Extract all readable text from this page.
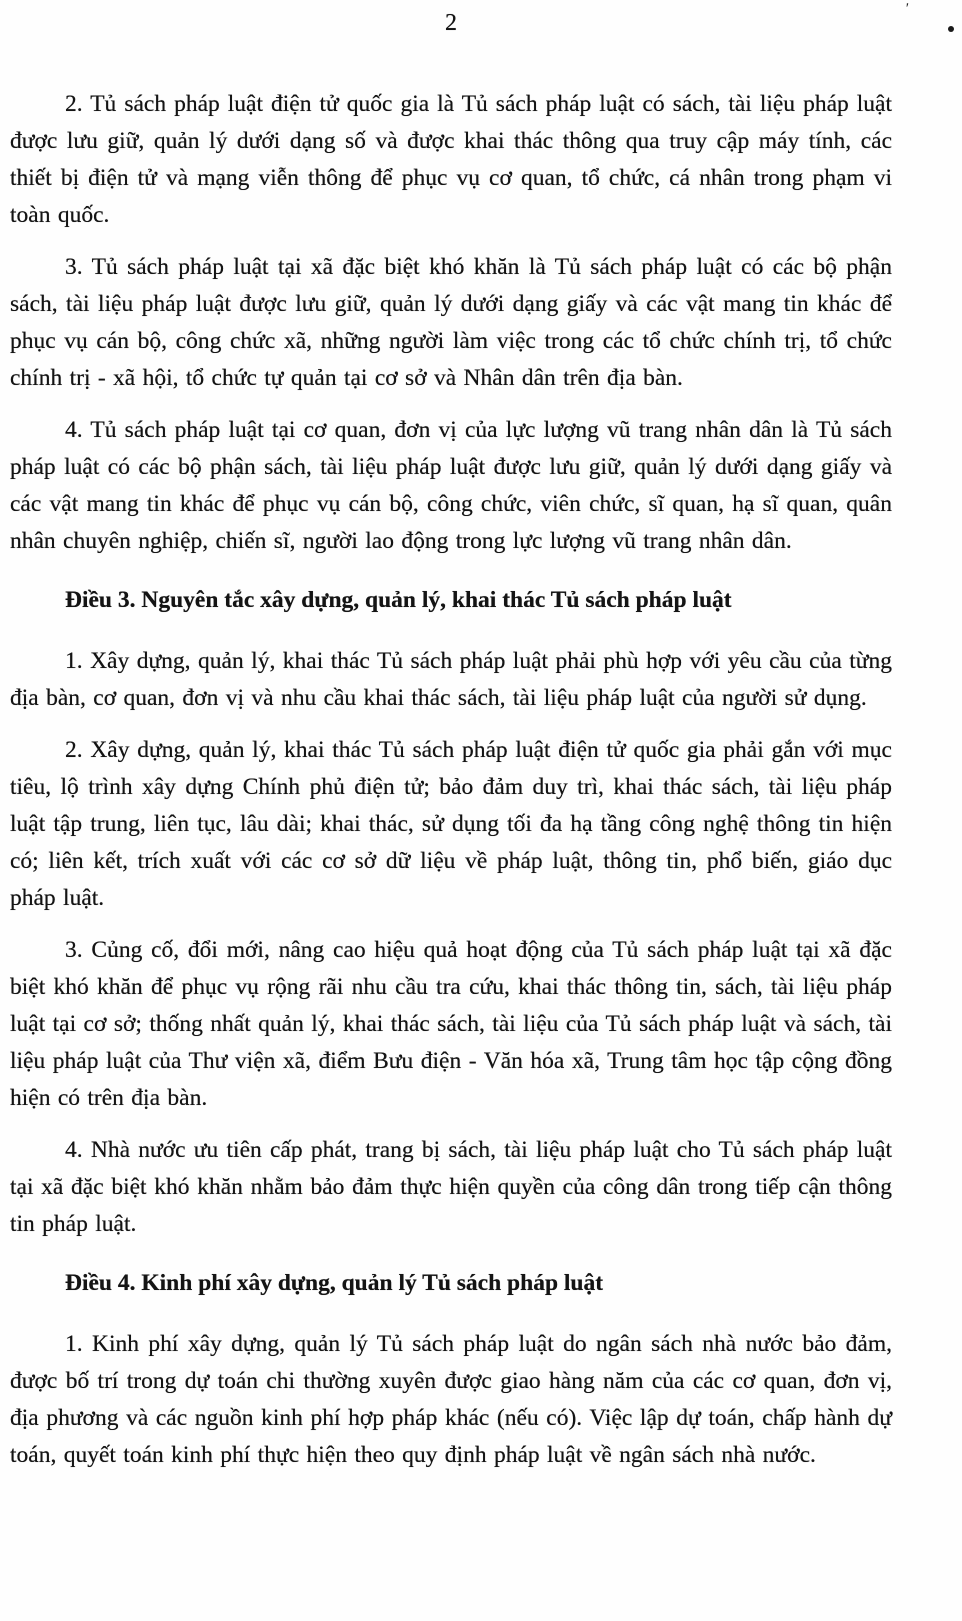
'
2

2. Tủ sách pháp luật điện tử quốc gia là Tủ sách pháp luật có sách, tài liệu pháp luật được lưu giữ, quản lý dưới dạng số và được khai thác thông qua truy cập máy tính, các thiết bị điện tử và mạng viễn thông để phục vụ cơ quan, tổ chức, cá nhân trong phạm vi toàn quốc.

3. Tủ sách pháp luật tại xã đặc biệt khó khăn là Tủ sách pháp luật có các bộ phận sách, tài liệu pháp luật được lưu giữ, quản lý dưới dạng giấy và các vật mang tin khác để phục vụ cán bộ, công chức xã, những người làm việc trong các tổ chức chính trị, tổ chức chính trị - xã hội, tổ chức tự quản tại cơ sở và Nhân dân trên địa bàn.

4. Tủ sách pháp luật tại cơ quan, đơn vị của lực lượng vũ trang nhân dân là Tủ sách pháp luật có các bộ phận sách, tài liệu pháp luật được lưu giữ, quản lý dưới dạng giấy và các vật mang tin khác để phục vụ cán bộ, công chức, viên chức, sĩ quan, hạ sĩ quan, quân nhân chuyên nghiệp, chiến sĩ, người lao động trong lực lượng vũ trang nhân dân.

Điều 3. Nguyên tắc xây dựng, quản lý, khai thác Tủ sách pháp luật

1. Xây dựng, quản lý, khai thác Tủ sách pháp luật phải phù hợp với yêu cầu của từng địa bàn, cơ quan, đơn vị và nhu cầu khai thác sách, tài liệu pháp luật của người sử dụng.

2. Xây dựng, quản lý, khai thác Tủ sách pháp luật điện tử quốc gia phải gắn với mục tiêu, lộ trình xây dựng Chính phủ điện tử; bảo đảm duy trì, khai thác sách, tài liệu pháp luật tập trung, liên tục, lâu dài; khai thác, sử dụng tối đa hạ tầng công nghệ thông tin hiện có; liên kết, trích xuất với các cơ sở dữ liệu về pháp luật, thông tin, phổ biến, giáo dục pháp luật.

3. Củng cố, đổi mới, nâng cao hiệu quả hoạt động của Tủ sách pháp luật tại xã đặc biệt khó khăn để phục vụ rộng rãi nhu cầu tra cứu, khai thác thông tin, sách, tài liệu pháp luật tại cơ sở; thống nhất quản lý, khai thác sách, tài liệu của Tủ sách pháp luật và sách, tài liệu pháp luật của Thư viện xã, điểm Bưu điện - Văn hóa xã, Trung tâm học tập cộng đồng hiện có trên địa bàn.

4. Nhà nước ưu tiên cấp phát, trang bị sách, tài liệu pháp luật cho Tủ sách pháp luật tại xã đặc biệt khó khăn nhằm bảo đảm thực hiện quyền của công dân trong tiếp cận thông tin pháp luật.

Điều 4. Kinh phí xây dựng, quản lý Tủ sách pháp luật

1. Kinh phí xây dựng, quản lý Tủ sách pháp luật do ngân sách nhà nước bảo đảm, được bố trí trong dự toán chi thường xuyên được giao hàng năm của các cơ quan, đơn vị, địa phương và các nguồn kinh phí hợp pháp khác (nếu có). Việc lập dự toán, chấp hành dự toán, quyết toán kinh phí thực hiện theo quy định pháp luật về ngân sách nhà nước.
